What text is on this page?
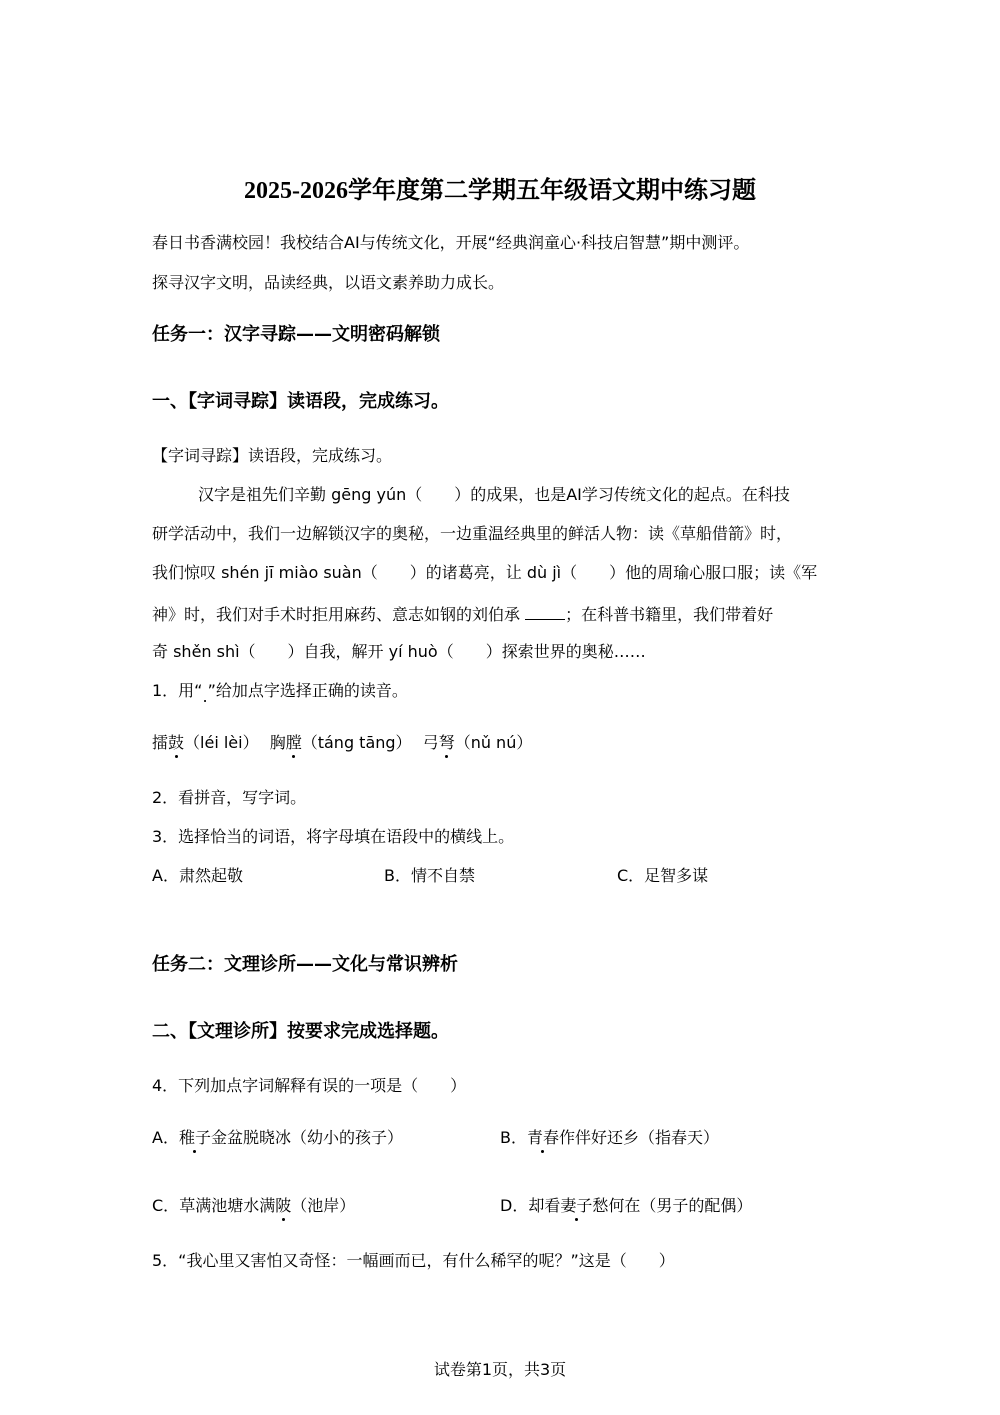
2025-2026学年度第二学期五年级语文期中练习题
春日书香满校园！我校结合AI与传统文化，开展“经典润童心·科技启智慧”期中测评。
探寻汉字文明，品读经典，以语文素养助力成长。
任务一：汉字寻踪——文明密码解锁
一、【字词寻踪】读语段，完成练习。
【字词寻踪】读语段，完成练习。
汉字是祖先们辛勤 gēng yún（　　）的成果，也是AI学习传统文化的起点。在科技
研学活动中，我们一边解锁汉字的奥秘，一边重温经典里的鲜活人物：读《草船借箭》时，
我们惊叹 shén jī miào suàn（　　）的诸葛亮，让 dù jì（　　）他的周瑜心服口服；读《军
神》时，我们对手术时拒用麻药、意志如钢的刘伯承	；在科普书籍里，我们带着好
奇 shěn shì（　　）自我，解开 yí huò（　　）探索世界的奥秘……
1．用“.”给加点字选择正确的读音。
擂鼓（léi lèi） 胸膛（táng tāng） 弓弩（nǔ nú）
2．看拼音，写字词。
3．选择恰当的词语，将字母填在语段中的横线上。
A．肃然起敬	B．情不自禁	C．足智多谋
任务二：文理诊所——文化与常识辨析
二、【文理诊所】按要求完成选择题。
4．下列加点字词解释有误的一项是（　　）
A．稚子金盆脱晓冰（幼小的孩子）	B．青春作伴好还乡（指春天）
C．草满池塘水满陂（池岸）	D．却看妻子愁何在（男子的配偶）
5．“我心里又害怕又奇怪：一幅画而已，有什么稀罕的呢？”这是（　　）
试卷第1页，共3页
